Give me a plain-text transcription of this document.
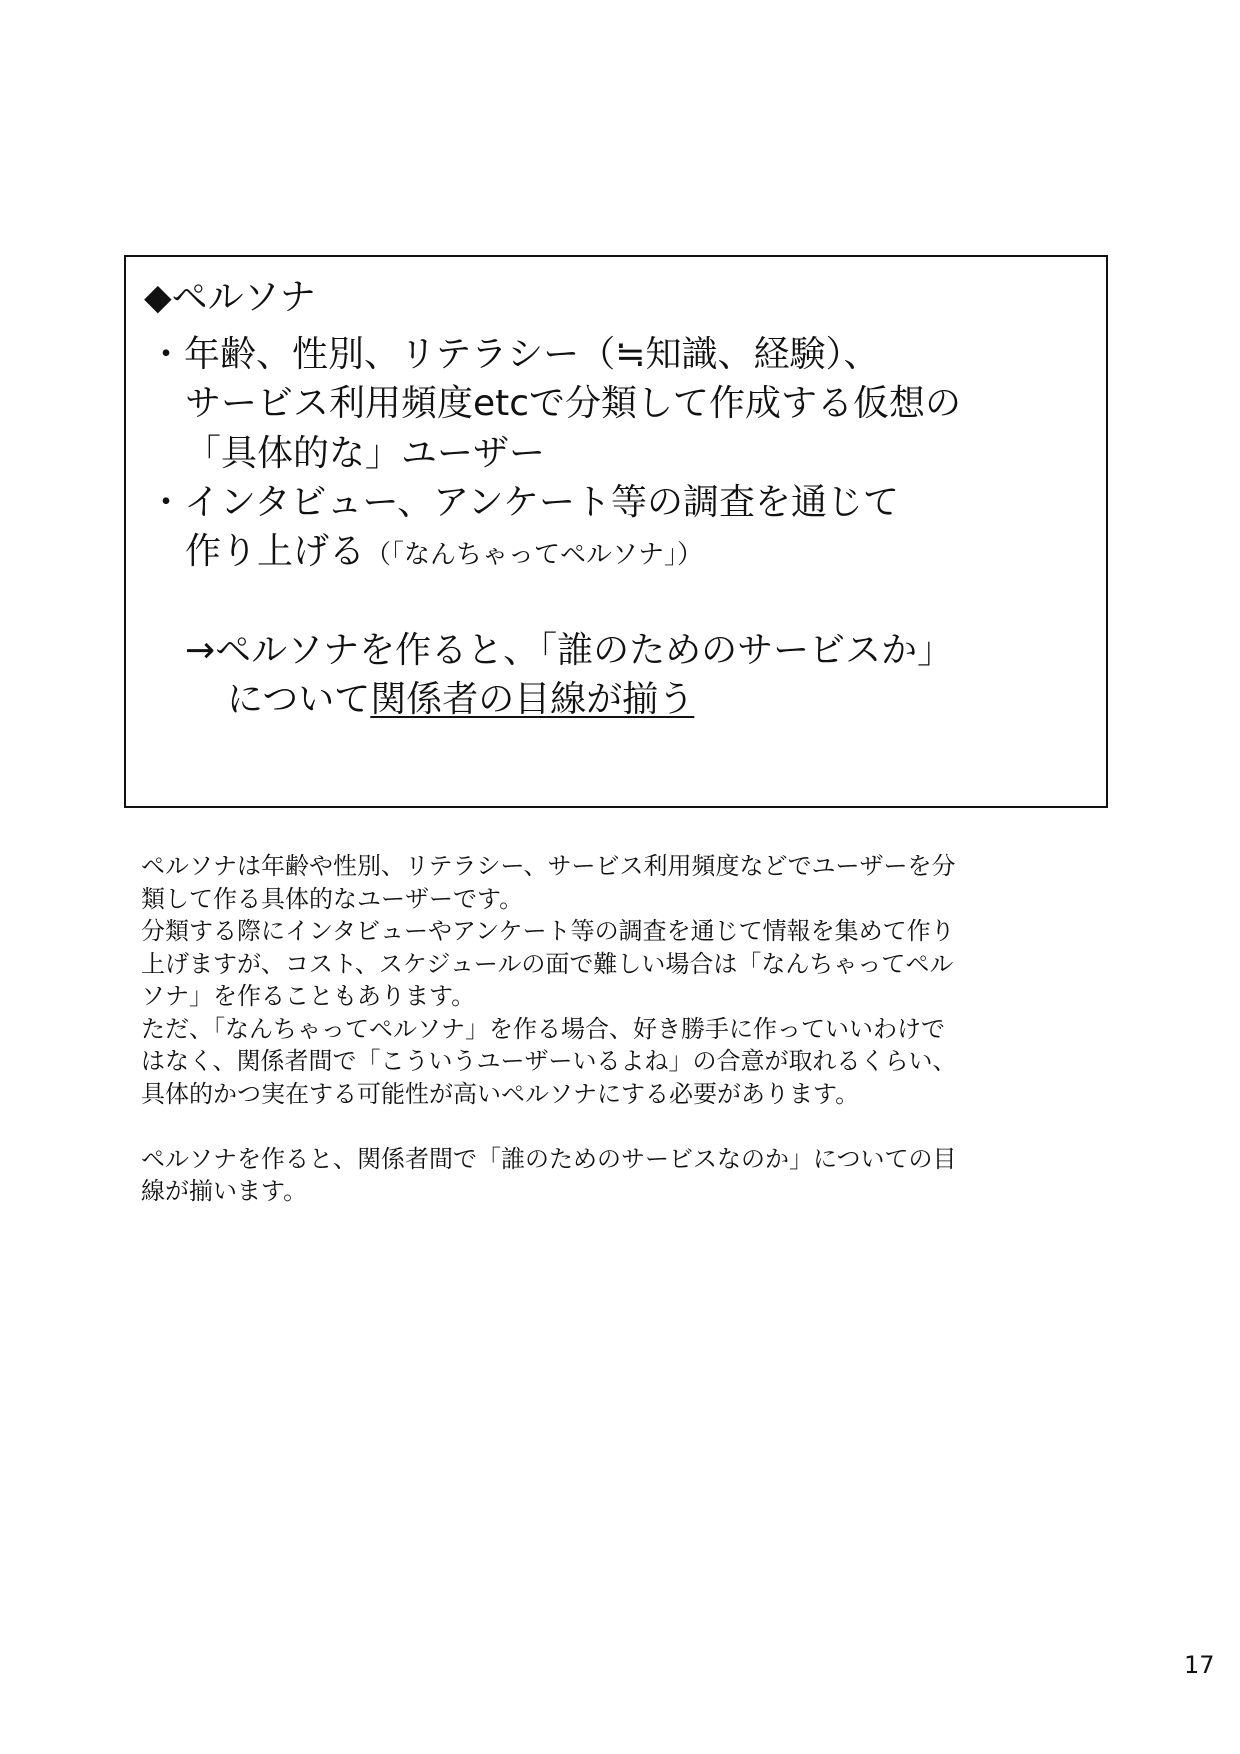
◆ペルソナ
・年齢、性別、リテラシー（≒知識、経験）、
サービス利用頻度etcで分類して作成する仮想の
「具体的な」ユーザー
・インタビュー、アンケート等の調査を通じて
作り上げる（「なんちゃってペルソナ」）
→ペルソナを作ると、「誰のためのサービスか」
について関係者の目線が揃う
ペルソナは年齢や性別、リテラシー、サービス利用頻度などでユーザーを分
類して作る具体的なユーザーです。
分類する際にインタビューやアンケート等の調査を通じて情報を集めて作り
上げますが、コスト、スケジュールの面で難しい場合は「なんちゃってペル
ソナ」を作ることもあります。
ただ、「なんちゃってペルソナ」を作る場合、好き勝手に作っていいわけで
はなく、関係者間で「こういうユーザーいるよね」の合意が取れるくらい、
具体的かつ実在する可能性が高いペルソナにする必要があります。
ペルソナを作ると、関係者間で「誰のためのサービスなのか」についての目
線が揃います。
17
